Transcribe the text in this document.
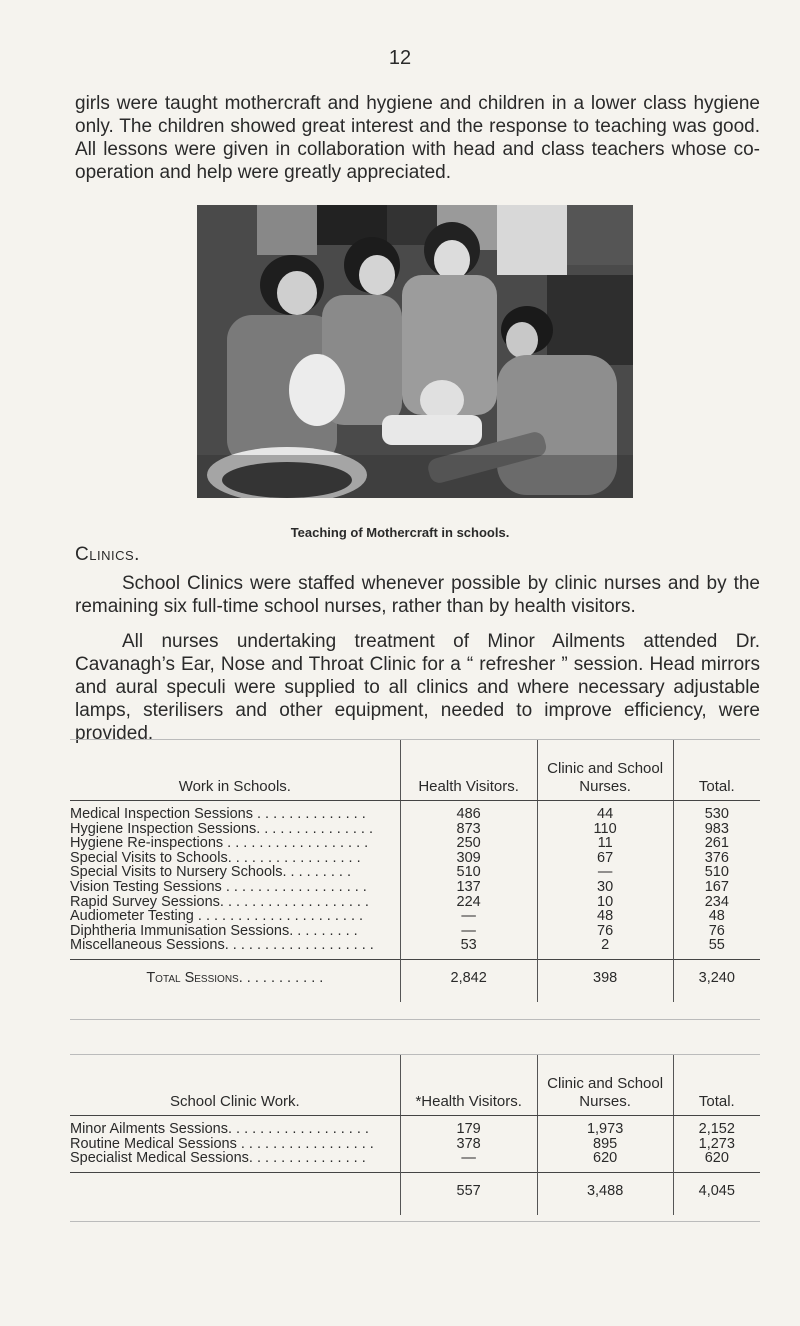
12

girls were taught mothercraft and hygiene and children in a lower class hygiene only. The children showed great interest and the response to teaching was good. All lessons were given in collaboration with head and class teachers whose co-operation and help were greatly appreciated.

Teaching of Mothercraft in schools.
Clinics.

School Clinics were staffed whenever possible by clinic nurses and by the remaining six full-time school nurses, rather than by health visitors.

All nurses undertaking treatment of Minor Ailments attended Dr. Cavanagh’s Ear, Nose and Throat Clinic for a “ refresher ” session. Head mirrors and aural speculi were supplied to all clinics and where necessary adjustable lamps, sterilisers and other equipment, needed to improve efficiency, were provided.

Work in Schools.	Health Visitors.	Clinic and School Nurses.	Total.

Medical Inspection Sessions . . . . . . . . . . . . . .	486	44	530
Hygiene Inspection Sessions. . . . . . . . . . . . . . .	873	110	983
Hygiene Re-inspections . . . . . . . . . . . . . . . . . .	250	11	261
Special Visits to Schools. . . . . . . . . . . . . . . . .	309	67	376
Special Visits to Nursery Schools. . . . . . . . .	510	—	510
Vision Testing Sessions . . . . . . . . . . . . . . . . . .	137	30	167
Rapid Survey Sessions. . . . . . . . . . . . . . . . . . .	224	10	234
Audiometer Testing . . . . . . . . . . . . . . . . . . . . .	—	48	48
Diphtheria Immunisation Sessions. . . . . . . . .	—	76	76
Miscellaneous Sessions. . . . . . . . . . . . . . . . . . .	53	2	55

Total Sessions. . . . . . . . . . .	2,842	398	3,240
School Clinic Work.	*Health Visitors.	Clinic and School Nurses.	Total.

Minor Ailments Sessions. . . . . . . . . . . . . . . . . .	179	1,973	2,152
Routine Medical Sessions . . . . . . . . . . . . . . . . .	378	895	1,273
Specialist Medical Sessions. . . . . . . . . . . . . . .	—	620	620

	557	3,488	4,045
